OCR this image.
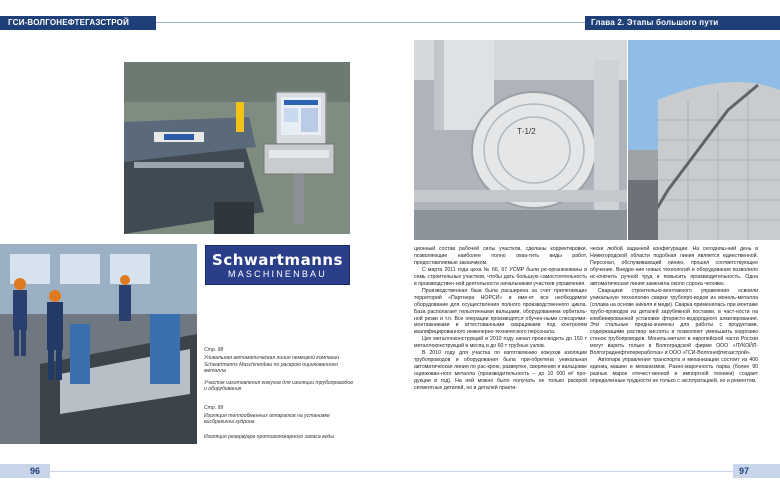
ГСИ-ВОЛГОНЕФТЕГАЗСТРОЙ
Schwartmanns
MASCHINENBAU
Стр. 98
Уникальная автоматическая линия немецкой компании Schwartmanns Maschinenbau по раскрою оцинкованного металла
Участок изготовления кожухов для изоляции трубопроводов и оборудования
Стр. 99
Изоляция теплообменных аппаратов на установке висбрекинга гудрона
Изоляция резервуара противопожарного запаса воды
96
Глава 2. Этапы большого пути
Т-1/2
97

ционный состав рабочей силы участков, сделаны корректировки, позволяющие наиболее полно охва-тить виды работ, предоставляемые заказчиком.

С марта 2011 года цеха № 66, 67 УСМР были ре-организованы в семь строительных участков, чтобы дать большую самостоятельность в производствен-ной деятельности начальникам участков управления.

Производственная база была расширена за счет прилегающих территорий «Партнера НОРСИ» и име-ет все необходимое оборудование для осуществления полного производственного цикла. База располагает гильотинными вальцами, оборудованием орбиталь-ной резки и т.п. Все операции производятся обучен-ными слесарями-монтажниками и аттестованными сварщиками под контролем квалифицированного инженерно-технического персонала.

Цех металлоконструкций в 2010 году начал произ-водить до 150 т металлоконструкций в месяц и до 60 т трубных узлов.

В 2010 году для участка по изготовлению кожухов изоляции трубопроводов и оборудования была при-обретена уникальная автоматическая линия по рас-крою, развертке, сверлению и вальцовке оцинкован-ного металла (производительность – до 10 000 м² про-дукции в год). На ней можно было получать не только раскрой сегментных деталей, но и деталей практи-

чески любой заданной конфигурации. На сегодняш-ний день в Нижегородской области подобная линия является единственной. Персонал, обслуживающий линию, прошел соответствующее обучение. Внедре-ние новых технологий и оборудования позволило ис-ключить ручной труд и повысить производительность. Одна автоматическая линия заменила около сорока человек.

Сварщики строительно-монтажного управления освоили уникальную технологию сварки трубопро-водов из монель-металла (сплава на основе никеля и меди). Сварка применялась при монтаже трубо-проводов из деталей зарубежной поставки, в част-ности на комбинированной установке фтористо-водородного алкилирования. Эти стальные предна-значены для работы с продуктами, содержащими раствор кислоты и позволяют уменьшить коррозию стенок трубопроводов. Монель-металл в европейской части России могут варить только в Волгоградской фирме ООО «ЛУКОЙЛ-Волгограднефтепереработка» и ООО «ГСИ-Волгонефтегазстрой».

Автопарк управления транспорта и механизации состоит из 400 единиц машин и механизмов. Разно-марочность парка (более 90 разных марок отечест-венной и импортной техники) создает определенные трудности не только с эксплуатацией, но и ремонтом.
